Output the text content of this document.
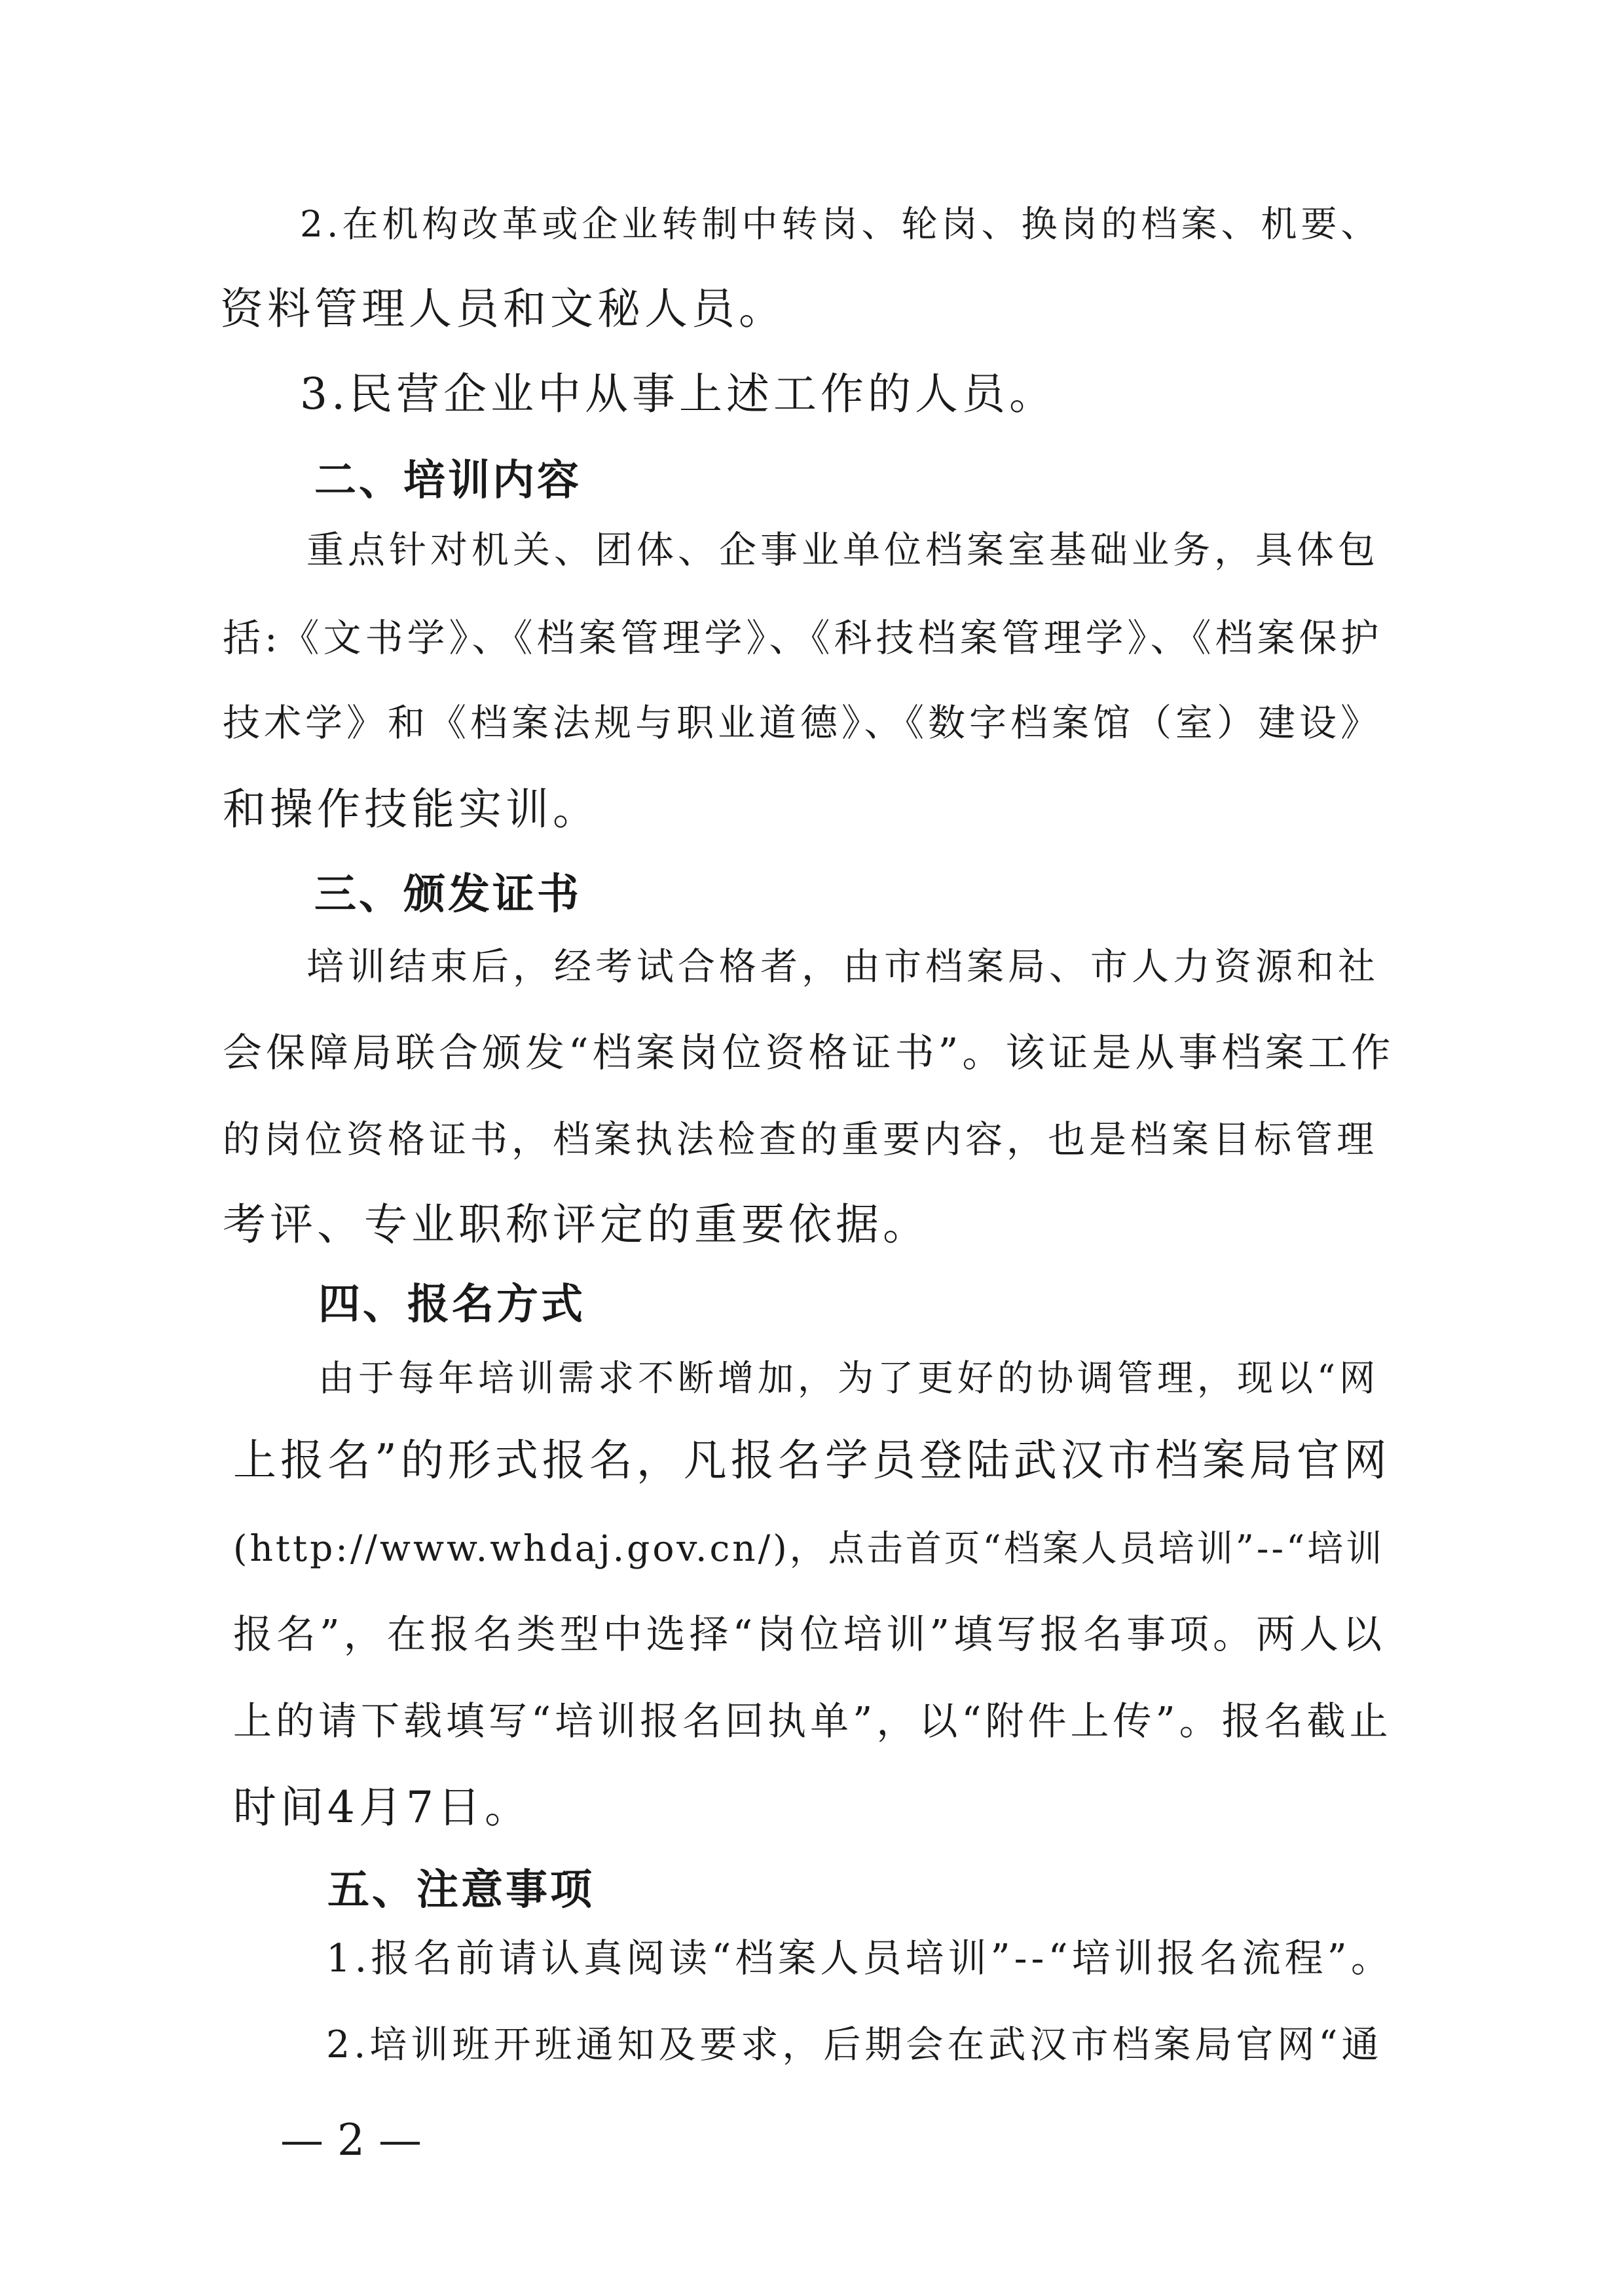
2.在机构改革或企业转制中转岗、轮岗、换岗的档案、机要、
资料管理人员和文秘人员。
3.民营企业中从事上述工作的人员。
二、培训内容
重点针对机关、团体、企事业单位档案室基础业务，具体包
括:《文书学》、《档案管理学》、《科技档案管理学》、《档案保护
技术学》和《档案法规与职业道德》、《数字档案馆（室）建设》
和操作技能实训。
三、颁发证书
培训结束后，经考试合格者，由市档案局、市人力资源和社
会保障局联合颁发“档案岗位资格证书”。该证是从事档案工作
的岗位资格证书，档案执法检查的重要内容，也是档案目标管理
考评、专业职称评定的重要依据。
四、报名方式
由于每年培训需求不断增加，为了更好的协调管理，现以“网
上报名”的形式报名，凡报名学员登陆武汉市档案局官网
(http://www.whdaj.gov.cn/)，点击首页“档案人员培训”--“培训
报名”，在报名类型中选择“岗位培训”填写报名事项。两人以
上的请下载填写“培训报名回执单”，以“附件上传”。报名截止
时间4月7日。
五、注意事项
1.报名前请认真阅读“档案人员培训”--“培训报名流程”。
2.培训班开班通知及要求，后期会在武汉市档案局官网“通
— 2 —
